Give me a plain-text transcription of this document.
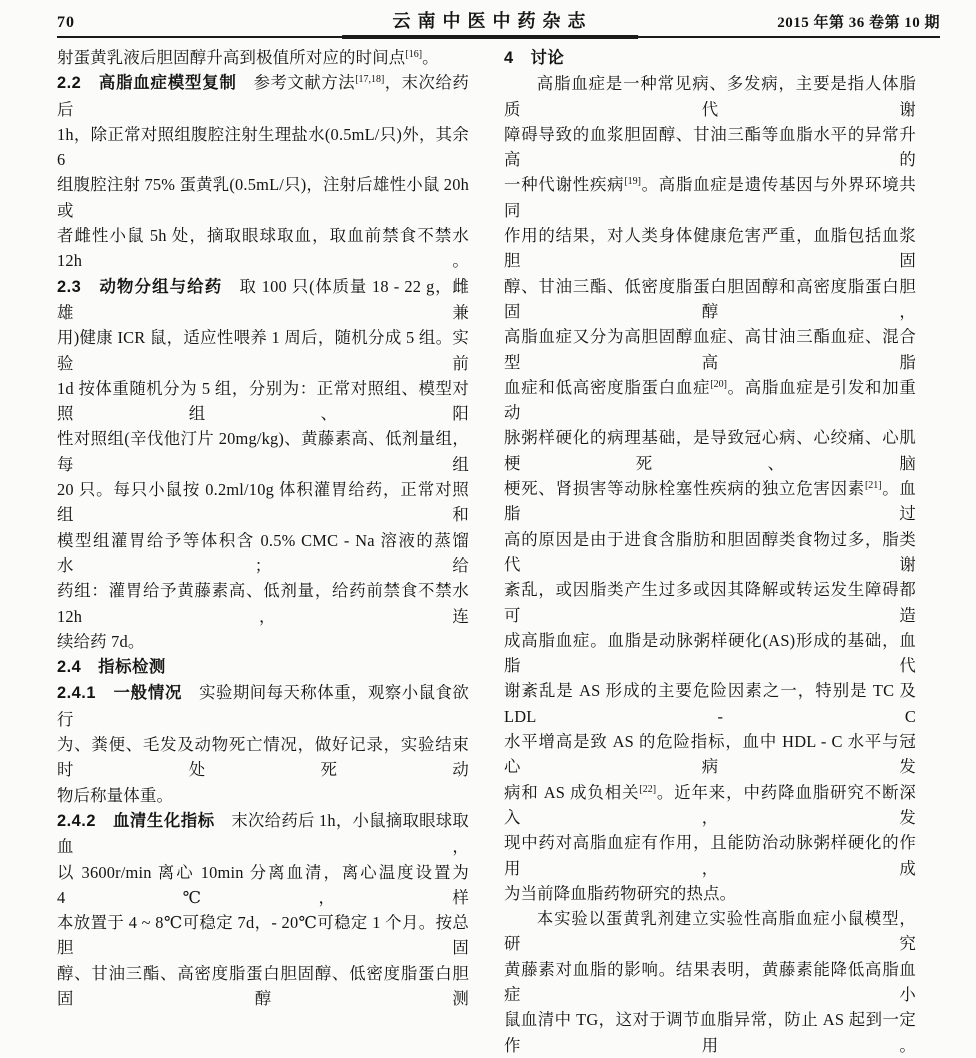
70	云南中医中药杂志	2015 年第 36 卷第 10 期
射蛋黄乳液后胆固醇升高到极值所对应的时间点[16]。
2.2　高脂血症模型复制　参考文献方法[17,18]，末次给药后
1h，除正常对照组腹腔注射生理盐水(0.5mL/只)外，其余 6
组腹腔注射 75% 蛋黄乳(0.5mL/只)，注射后雄性小鼠 20h 或
者雌性小鼠 5h 处，摘取眼球取血，取血前禁食不禁水 12h。
2.3　动物分组与给药　取 100 只(体质量 18 - 22 g，雌雄兼
用)健康 ICR 鼠，适应性喂养 1 周后，随机分成 5 组。实验前
1d 按体重随机分为 5 组，分别为：正常对照组、模型对照组、阳
性对照组(辛伐他汀片 20mg/kg)、黄藤素高、低剂量组，每组
20 只。每只小鼠按 0.2ml/10g 体积灌胃给药，正常对照组和
模型组灌胃给予等体积含 0.5% CMC - Na 溶液的蒸馏水；给
药组：灌胃给予黄藤素高、低剂量，给药前禁食不禁水 12h，连
续给药 7d。
2.4　指标检测
2.4.1　一般情况　实验期间每天称体重，观察小鼠食欲行
为、粪便、毛发及动物死亡情况，做好记录，实验结束时处死动
物后称量体重。
2.4.2　血清生化指标　末次给药后 1h，小鼠摘取眼球取血，
以 3600r/min 离心 10min 分离血清，离心温度设置为 4℃，样
本放置于 4 ~ 8℃可稳定 7d，- 20℃可稳定 1 个月。按总胆固
醇、甘油三酯、高密度脂蛋白胆固醇、低密度脂蛋白胆固醇测
4　讨论
高脂血症是一种常见病、多发病，主要是指人体脂质代谢
障碍导致的血浆胆固醇、甘油三酯等血脂水平的异常升高的
一种代谢性疾病[19]。高脂血症是遗传基因与外界环境共同
作用的结果，对人类身体健康危害严重，血脂包括血浆胆固
醇、甘油三酯、低密度脂蛋白胆固醇和高密度脂蛋白胆固醇，
高脂血症又分为高胆固醇血症、高甘油三酯血症、混合型高脂
血症和低高密度脂蛋白血症[20]。高脂血症是引发和加重动
脉粥样硬化的病理基础，是导致冠心病、心绞痛、心肌梗死、脑
梗死、肾损害等动脉栓塞性疾病的独立危害因素[21]。血脂过
高的原因是由于进食含脂肪和胆固醇类食物过多，脂类代谢
紊乱，或因脂类产生过多或因其降解或转运发生障碍都可造
成高脂血症。血脂是动脉粥样硬化(AS)形成的基础，血脂代
谢紊乱是 AS 形成的主要危险因素之一，特别是 TC 及 LDL - C
水平增高是致 AS 的危险指标，血中 HDL - C 水平与冠心病发
病和 AS 成负相关[22]。近年来，中药降血脂研究不断深入，发
现中药对高脂血症有作用，且能防治动脉粥样硬化的作用，成
为当前降血脂药物研究的热点。
本实验以蛋黄乳剂建立实验性高脂血症小鼠模型，研究
黄藤素对血脂的影响。结果表明，黄藤素能降低高脂血症小
鼠血清中 TG，这对于调节血脂异常，防止 AS 起到一定作用。
